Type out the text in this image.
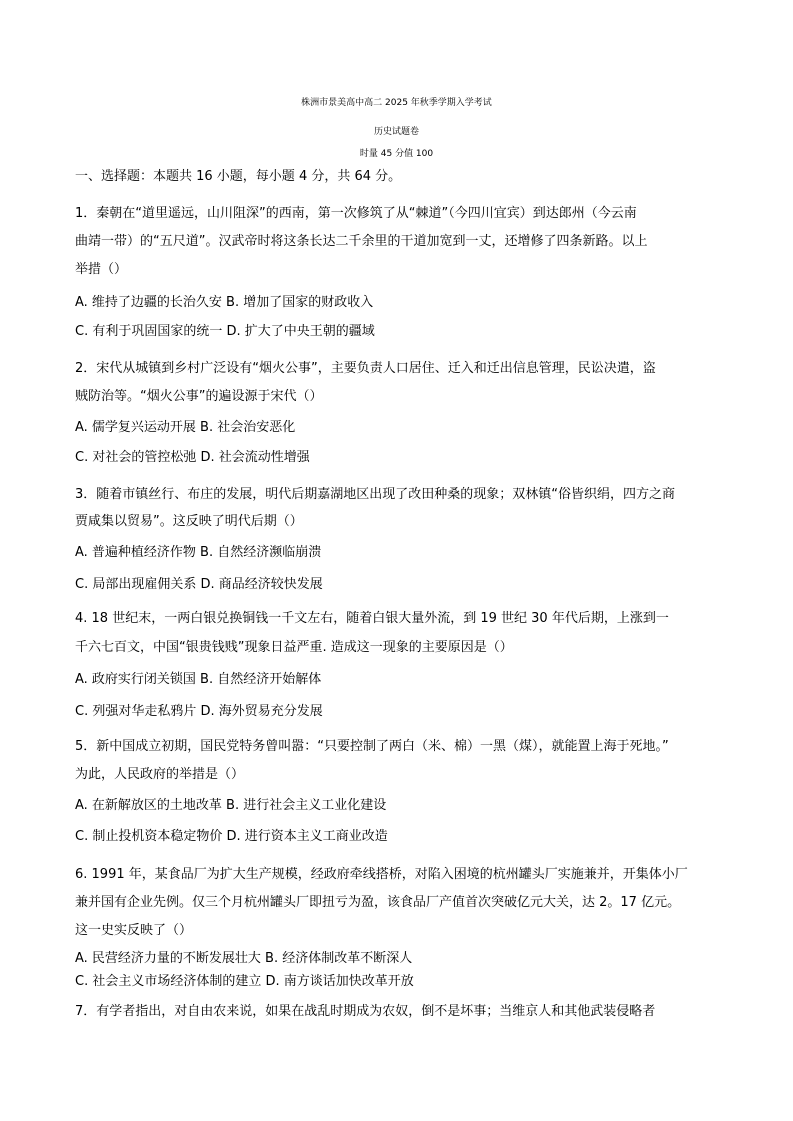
株洲市景美高中高二 2025 年秋季学期入学考试
历史试题卷
时量 45 分值 100
一、选择题：本题共 16 小题，每小题 4 分，共 64 分。
1．秦朝在“道里遥远，山川阻深”的西南，第一次修筑了从“棘道”（今四川宜宾）到达郎州（今云南
曲靖一带）的“五尺道”。汉武帝时将这条长达二千余里的干道加宽到一丈，还增修了四条新路。以上
举措（）
A. 维持了边疆的长治久安 B. 增加了国家的财政收入
C. 有利于巩固国家的统一 D. 扩大了中央王朝的疆域
2．宋代从城镇到乡村广泛设有“烟火公事”，主要负责人口居住、迁入和迁出信息管理，民讼决遣，盗
贼防治等。“烟火公事”的遍设源于宋代（）
A. 儒学复兴运动开展 B. 社会治安恶化
C. 对社会的管控松弛 D. 社会流动性增强
3．随着市镇丝行、布庄的发展，明代后期嘉湖地区出现了改田种桑的现象；双林镇“俗皆织绢，四方之商
贾咸集以贸易”。这反映了明代后期（）
A. 普遍种植经济作物 B. 自然经济濒临崩溃
C. 局部出现雇佣关系 D. 商品经济较快发展
4. 18 世纪末，一两白银兑换铜钱一千文左右，随着白银大量外流，到 19 世纪 30 年代后期，上涨到一
千六七百文，中国“银贵钱贱”现象日益严重. 造成这一现象的主要原因是（）
A. 政府实行闭关锁国 B. 自然经济开始解体
C. 列强对华走私鸦片 D. 海外贸易充分发展
5．新中国成立初期，国民党特务曾叫嚣：“只要控制了两白（米、棉）一黑（煤），就能置上海于死地。”
为此，人民政府的举措是（）
A. 在新解放区的土地改革 B. 进行社会主义工业化建设
C. 制止投机资本稳定物价 D. 进行资本主义工商业改造
6. 1991 年，某食品厂为扩大生产规模，经政府牵线搭桥，对陷入困境的杭州罐头厂实施兼并，开集体小厂
兼并国有企业先例。仅三个月杭州罐头厂即扭亏为盈，该食品厂产值首次突破亿元大关，达 2。17 亿元。
这一史实反映了（）
A. 民营经济力量的不断发展壮大 B. 经济体制改革不断深人
C. 社会主义市场经济体制的建立 D. 南方谈话加快改革开放
7．有学者指出，对自由农来说，如果在战乱时期成为农奴，倒不是坏事；当维京人和其他武装侵略者
